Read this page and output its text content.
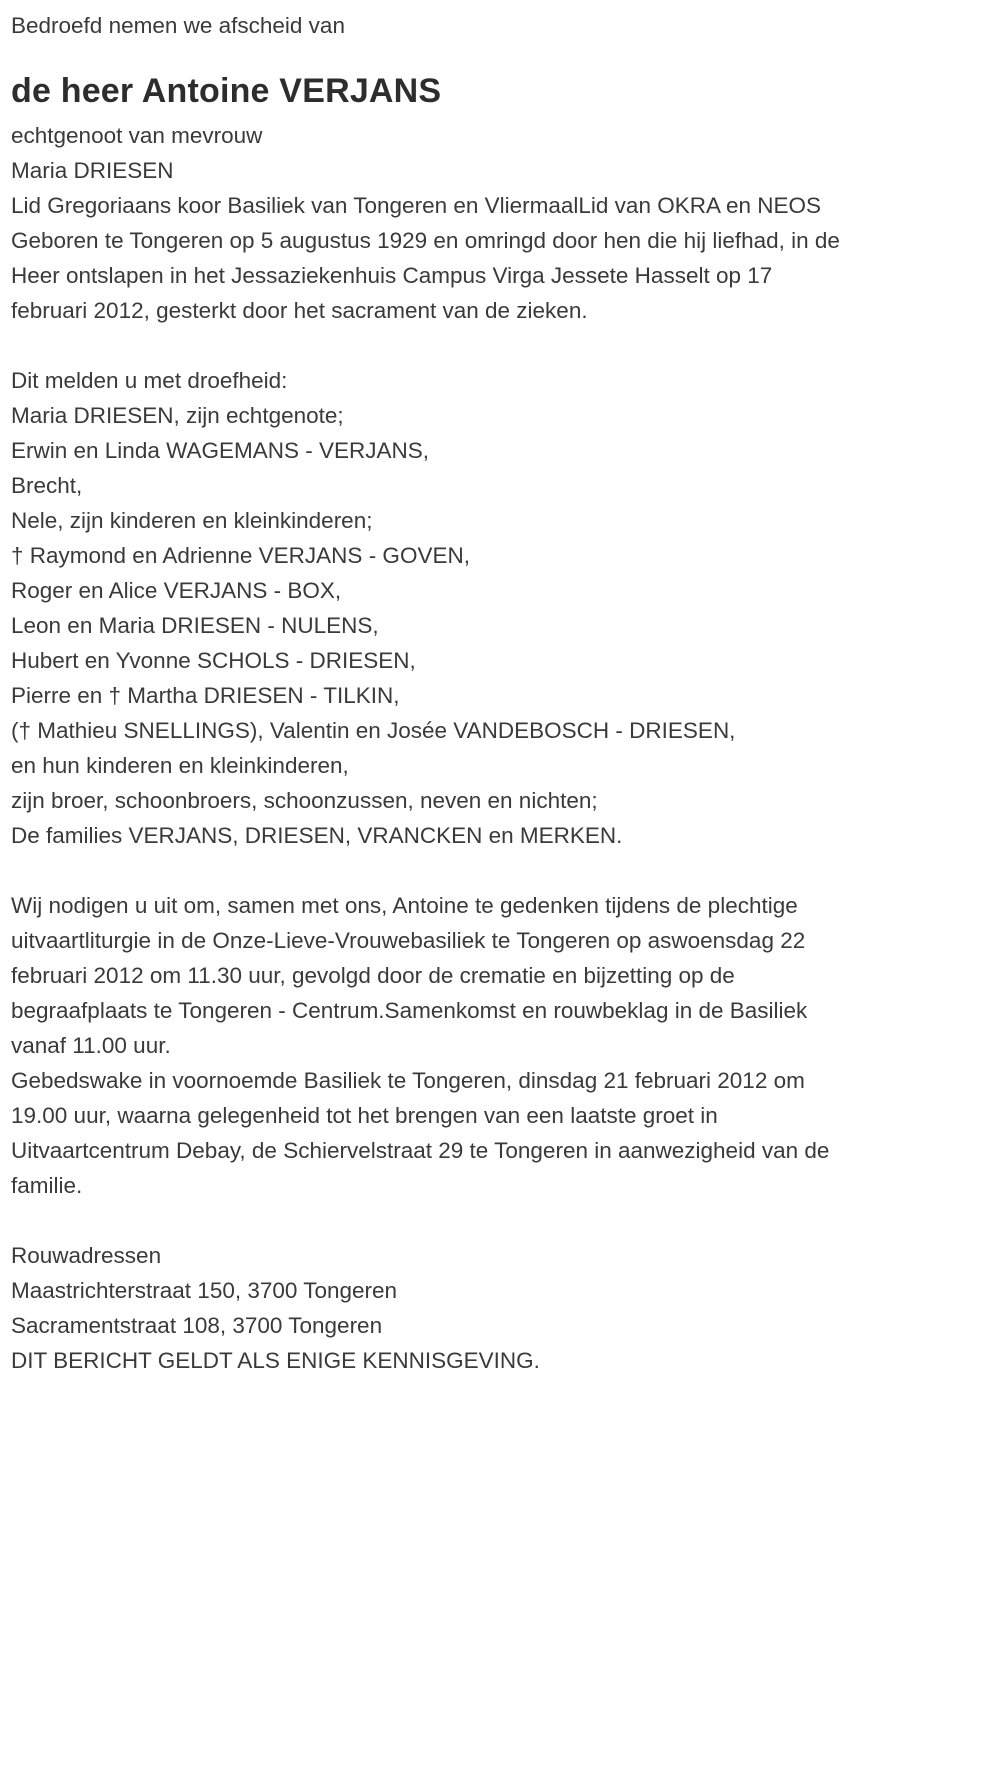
Bedroefd nemen we afscheid van

de heer Antoine VERJANS

echtgenoot van mevrouw

Maria DRIESEN

Lid Gregoriaans koor Basiliek van Tongeren en VliermaalLid van OKRA en NEOS

Geboren te Tongeren op 5 augustus 1929 en omringd door hen die hij liefhad, in de Heer ontslapen in het Jessaziekenhuis Campus Virga Jessete Hasselt op 17 februari 2012, gesterkt door het sacrament van de zieken.

Dit melden u met droefheid:

Maria DRIESEN, zijn echtgenote;

Erwin en Linda WAGEMANS - VERJANS,

Brecht,

Nele, zijn kinderen en kleinkinderen;

† Raymond en Adrienne VERJANS - GOVEN,

Roger en Alice VERJANS - BOX,

Leon en Maria DRIESEN - NULENS,

Hubert en Yvonne SCHOLS - DRIESEN,

Pierre en † Martha DRIESEN - TILKIN,

(† Mathieu SNELLINGS), Valentin en Josée VANDEBOSCH - DRIESEN,

en hun kinderen en kleinkinderen,

zijn broer, schoonbroers, schoonzussen, neven en nichten;

De families VERJANS, DRIESEN, VRANCKEN en MERKEN.

Wij nodigen u uit om, samen met ons, Antoine te gedenken tijdens de plechtige uitvaartliturgie in de Onze-Lieve-Vrouwebasiliek te Tongeren op aswoensdag 22 februari 2012 om 11.30 uur, gevolgd door de crematie en bijzetting op de begraafplaats te Tongeren - Centrum.Samenkomst en rouwbeklag in de Basiliek vanaf 11.00 uur.

Gebedswake in voornoemde Basiliek te Tongeren, dinsdag 21 februari 2012 om 19.00 uur, waarna gelegenheid tot het brengen van een laatste groet in Uitvaartcentrum Debay, de Schiervelstraat 29 te Tongeren in aanwezigheid van de familie.

Rouwadressen

Maastrichterstraat 150, 3700 Tongeren

Sacramentstraat 108, 3700 Tongeren

DIT BERICHT GELDT ALS ENIGE KENNISGEVING.
